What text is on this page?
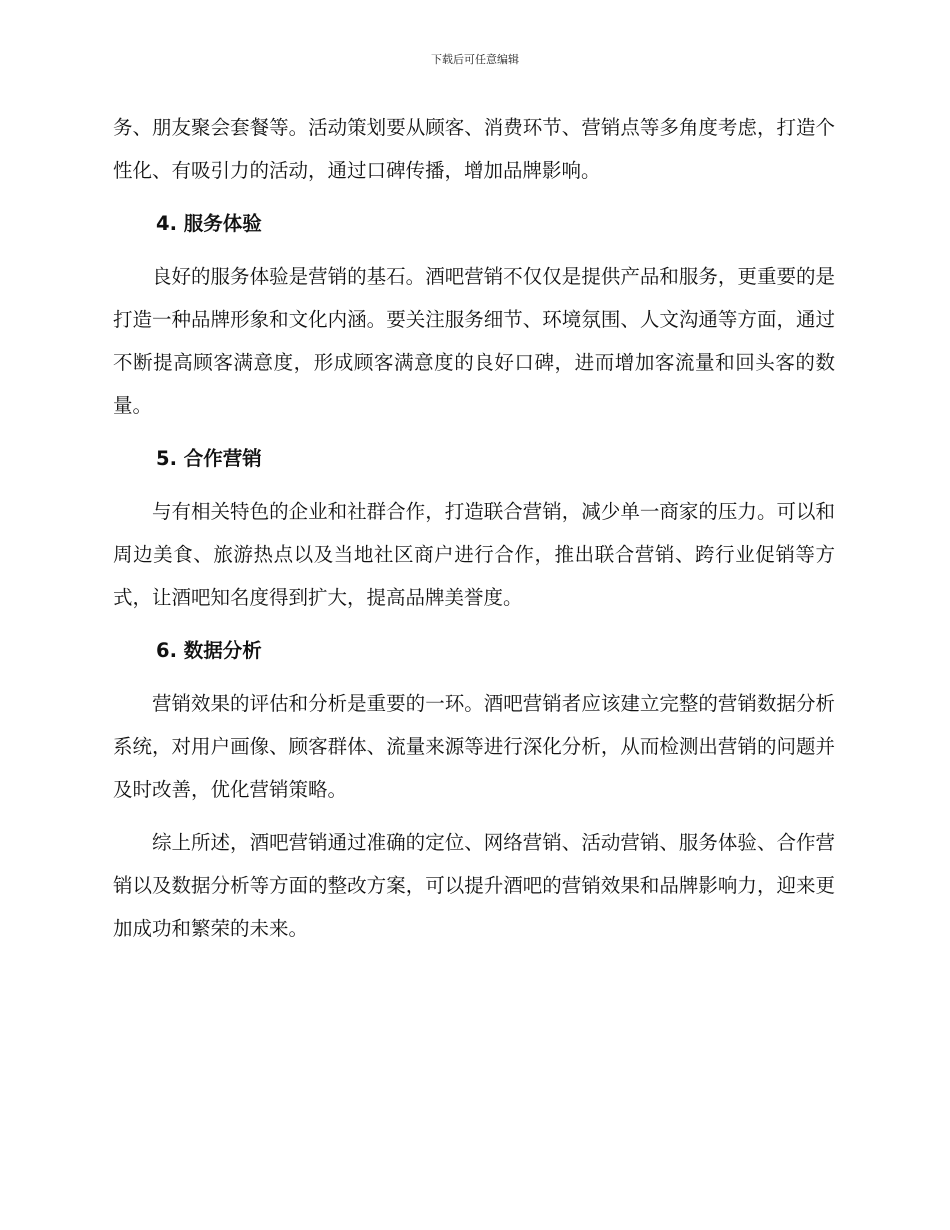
下载后可任意编辑

务、朋友聚会套餐等。活动策划要从顾客、消费环节、营销点等多角度考虑，打造个性化、有吸引力的活动，通过口碑传播，增加品牌影响。

4. 服务体验

良好的服务体验是营销的基石。酒吧营销不仅仅是提供产品和服务，更重要的是打造一种品牌形象和文化内涵。要关注服务细节、环境氛围、人文沟通等方面，通过不断提高顾客满意度，形成顾客满意度的良好口碑，进而增加客流量和回头客的数量。

5. 合作营销

与有相关特色的企业和社群合作，打造联合营销，减少单一商家的压力。可以和周边美食、旅游热点以及当地社区商户进行合作，推出联合营销、跨行业促销等方式，让酒吧知名度得到扩大，提高品牌美誉度。

6. 数据分析

营销效果的评估和分析是重要的一环。酒吧营销者应该建立完整的营销数据分析系统，对用户画像、顾客群体、流量来源等进行深化分析，从而检测出营销的问题并及时改善，优化营销策略。

综上所述，酒吧营销通过准确的定位、网络营销、活动营销、服务体验、合作营销以及数据分析等方面的整改方案，可以提升酒吧的营销效果和品牌影响力，迎来更加成功和繁荣的未来。
